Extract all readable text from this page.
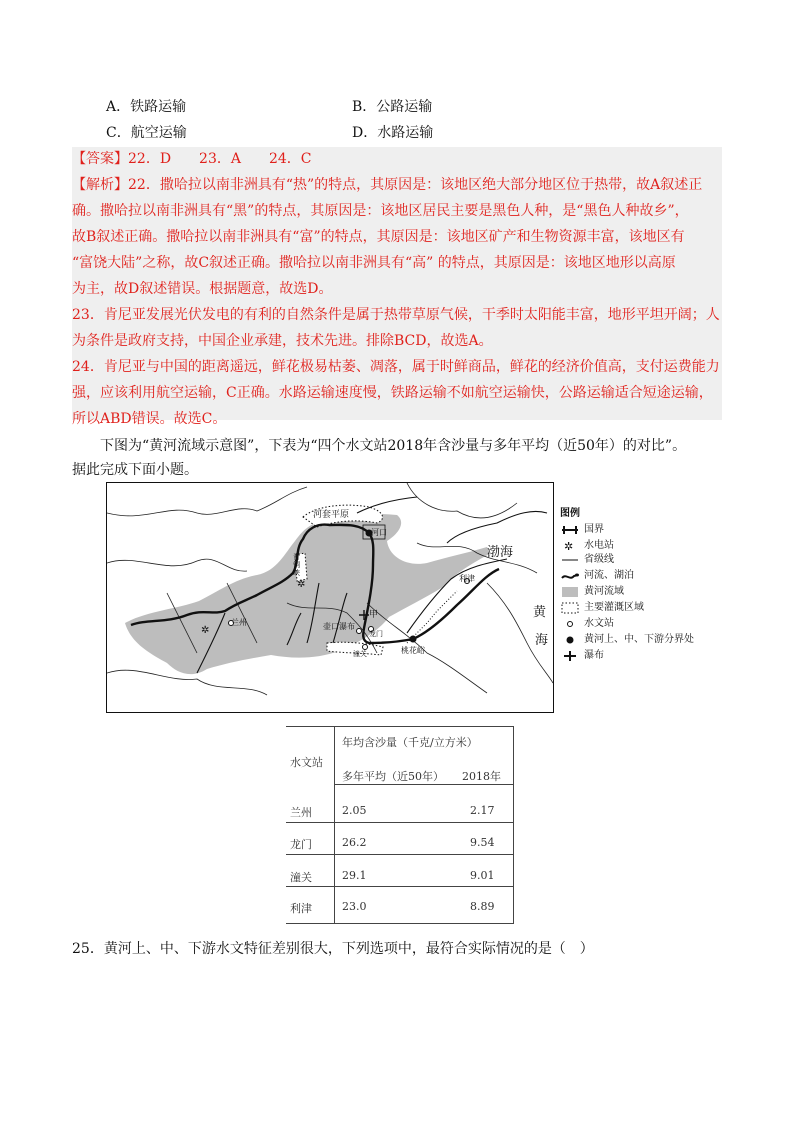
A．铁路运输	B．公路运输
C．航空运输	D．水路运输
【答案】22．D　　23．A　　24．C
【解析】22．撒哈拉以南非洲具有“热”的特点，其原因是：该地区绝大部分地区位于热带，故A叙述正
确。撒哈拉以南非洲具有“黑”的特点，其原因是：该地区居民主要是黑色人种，是“黑色人种故乡”，
故B叙述正确。撒哈拉以南非洲具有“富”的特点，其原因是：该地区矿产和生物资源丰富，该地区有
“富饶大陆”之称，故C叙述正确。撒哈拉以南非洲具有“高” 的特点，其原因是：该地区地形以高原
为主，故D叙述错误。根据题意，故选D。
23．肯尼亚发展光伏发电的有利的自然条件是属于热带草原气候，干季时太阳能丰富，地形平坦开阔；人
为条件是政府支持，中国企业承建，技术先进。排除BCD，故选A。
24．肯尼亚与中国的距离遥远，鲜花极易枯萎、凋落，属于时鲜商品，鲜花的经济价值高，支付运费能力
强，应该利用航空运输，C正确。水路运输速度慢，铁路运输不如航空运输快，公路运输适合短途运输，
所以ABD错误。故选C。
下图为“黄河流域示意图”，下表为“四个水文站2018年含沙量与多年平均（近50年）的对比”。
据此完成下面小题。
✲
✲
河套平原
河口
渤海
黄
海
利津
兰州	壶口瀑布
甲
龙门
潼关	桃花峪
青铜峡
图例
国界
✲ 水电站
省级线
河流、湖泊
黄河流域
主要灌溉区域
水文站
黄河上、中、下游分界处
瀑布
水文站
年均含沙量（千克/立方米）
多年平均（近50年） 2018年
兰州	2.05	2.17
龙门	26.2	9.54
潼关	29.1	9.01
利津	23.0	8.89
25．黄河上、中、下游水文特征差别很大，下列选项中，最符合实际情况的是（　）
